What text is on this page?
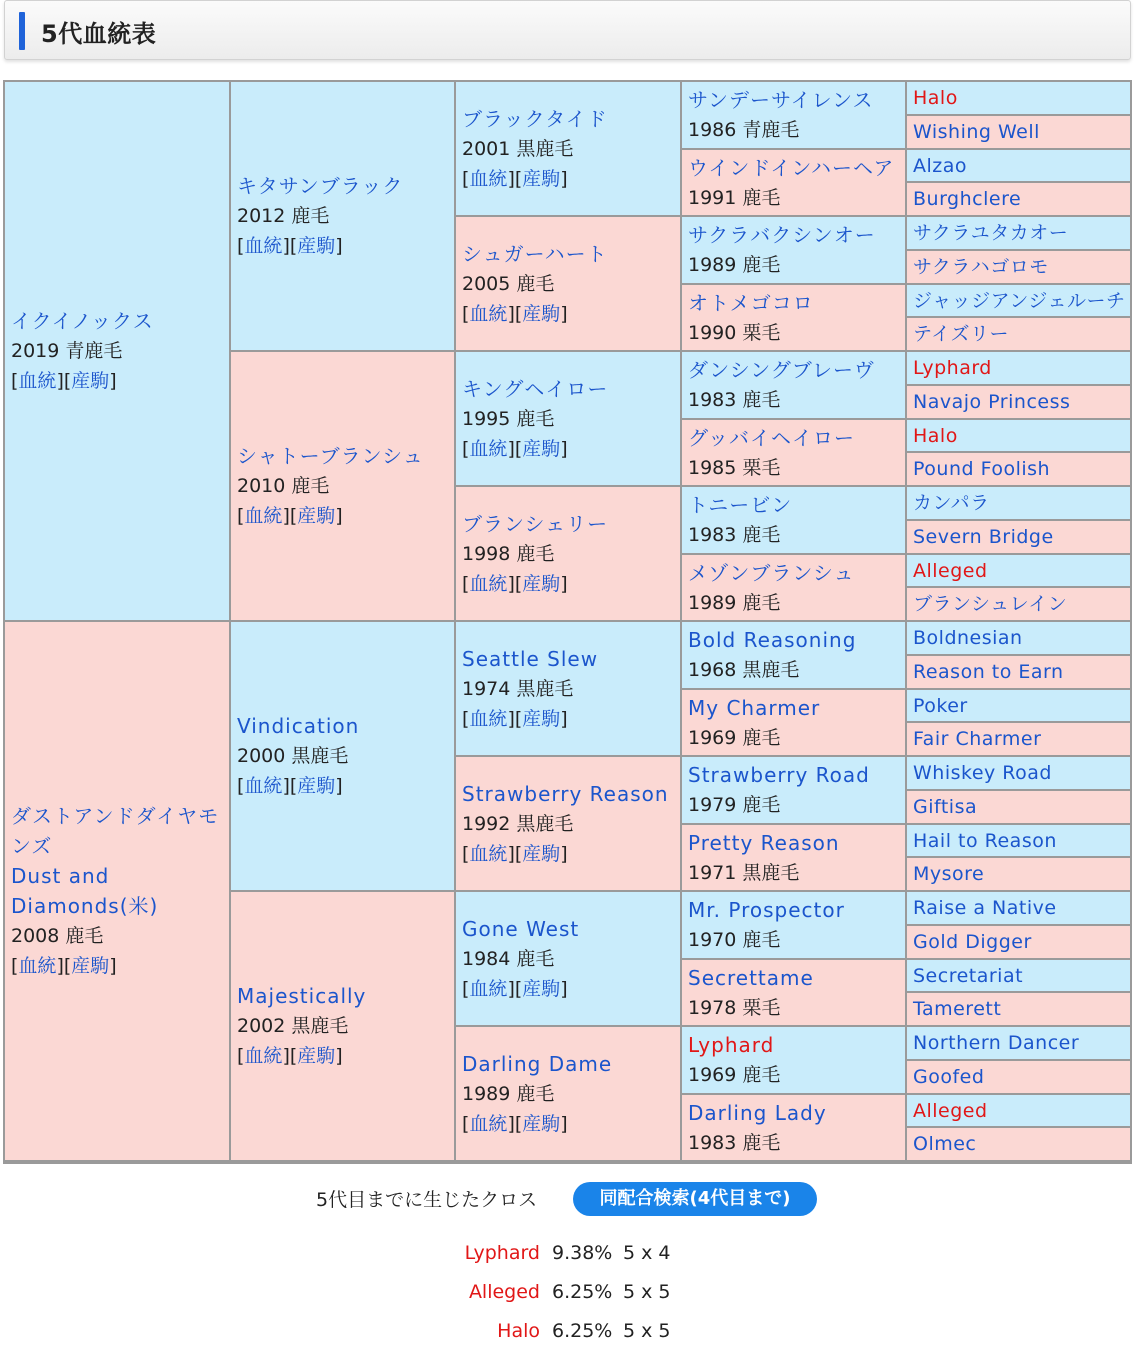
5代血統表
イクイノックス
2019 青鹿毛
[血統][産駒]
ダストアンドダイヤモンズ
Dust and Diamonds(米)
2008 鹿毛
[血統][産駒]
キタサンブラック
2012 鹿毛
[血統][産駒]
シャトーブランシュ
2010 鹿毛
[血統][産駒]
Vindication
2000 黒鹿毛
[血統][産駒]
Majestically
2002 黒鹿毛
[血統][産駒]
ブラックタイド
2001 黒鹿毛
[血統][産駒]
シュガーハート
2005 鹿毛
[血統][産駒]
キングヘイロー
1995 鹿毛
[血統][産駒]
ブランシェリー
1998 鹿毛
[血統][産駒]
Seattle Slew
1974 黒鹿毛
[血統][産駒]
Strawberry Reason
1992 黒鹿毛
[血統][産駒]
Gone West
1984 鹿毛
[血統][産駒]
Darling Dame
1989 鹿毛
[血統][産駒]
サンデーサイレンス
1986 青鹿毛
ウインドインハーヘア
1991 鹿毛
サクラバクシンオー
1989 鹿毛
オトメゴコロ
1990 栗毛
ダンシングブレーヴ
1983 鹿毛
グッバイヘイロー
1985 栗毛
トニービン
1983 鹿毛
メゾンブランシュ
1989 鹿毛
Bold Reasoning
1968 黒鹿毛
My Charmer
1969 鹿毛
Strawberry Road
1979 鹿毛
Pretty Reason
1971 黒鹿毛
Mr. Prospector
1970 鹿毛
Secrettame
1978 栗毛
Lyphard
1969 鹿毛
Darling Lady
1983 鹿毛
Halo
Wishing Well
Alzao
Burghclere
サクラユタカオー
サクラハゴロモ
ジャッジアンジェルーチ
テイズリー
Lyphard
Navajo Princess
Halo
Pound Foolish
カンパラ
Severn Bridge
Alleged
ブランシュレイン
Boldnesian
Reason to Earn
Poker
Fair Charmer
Whiskey Road
Giftisa
Hail to Reason
Mysore
Raise a Native
Gold Digger
Secretariat
Tamerett
Northern Dancer
Goofed
Alleged
Olmec
5代目までに生じたクロス	同配合検索(4代目まで)
Lyphard 9.38% 5 x 4
Alleged 6.25% 5 x 5
Halo 6.25% 5 x 5
